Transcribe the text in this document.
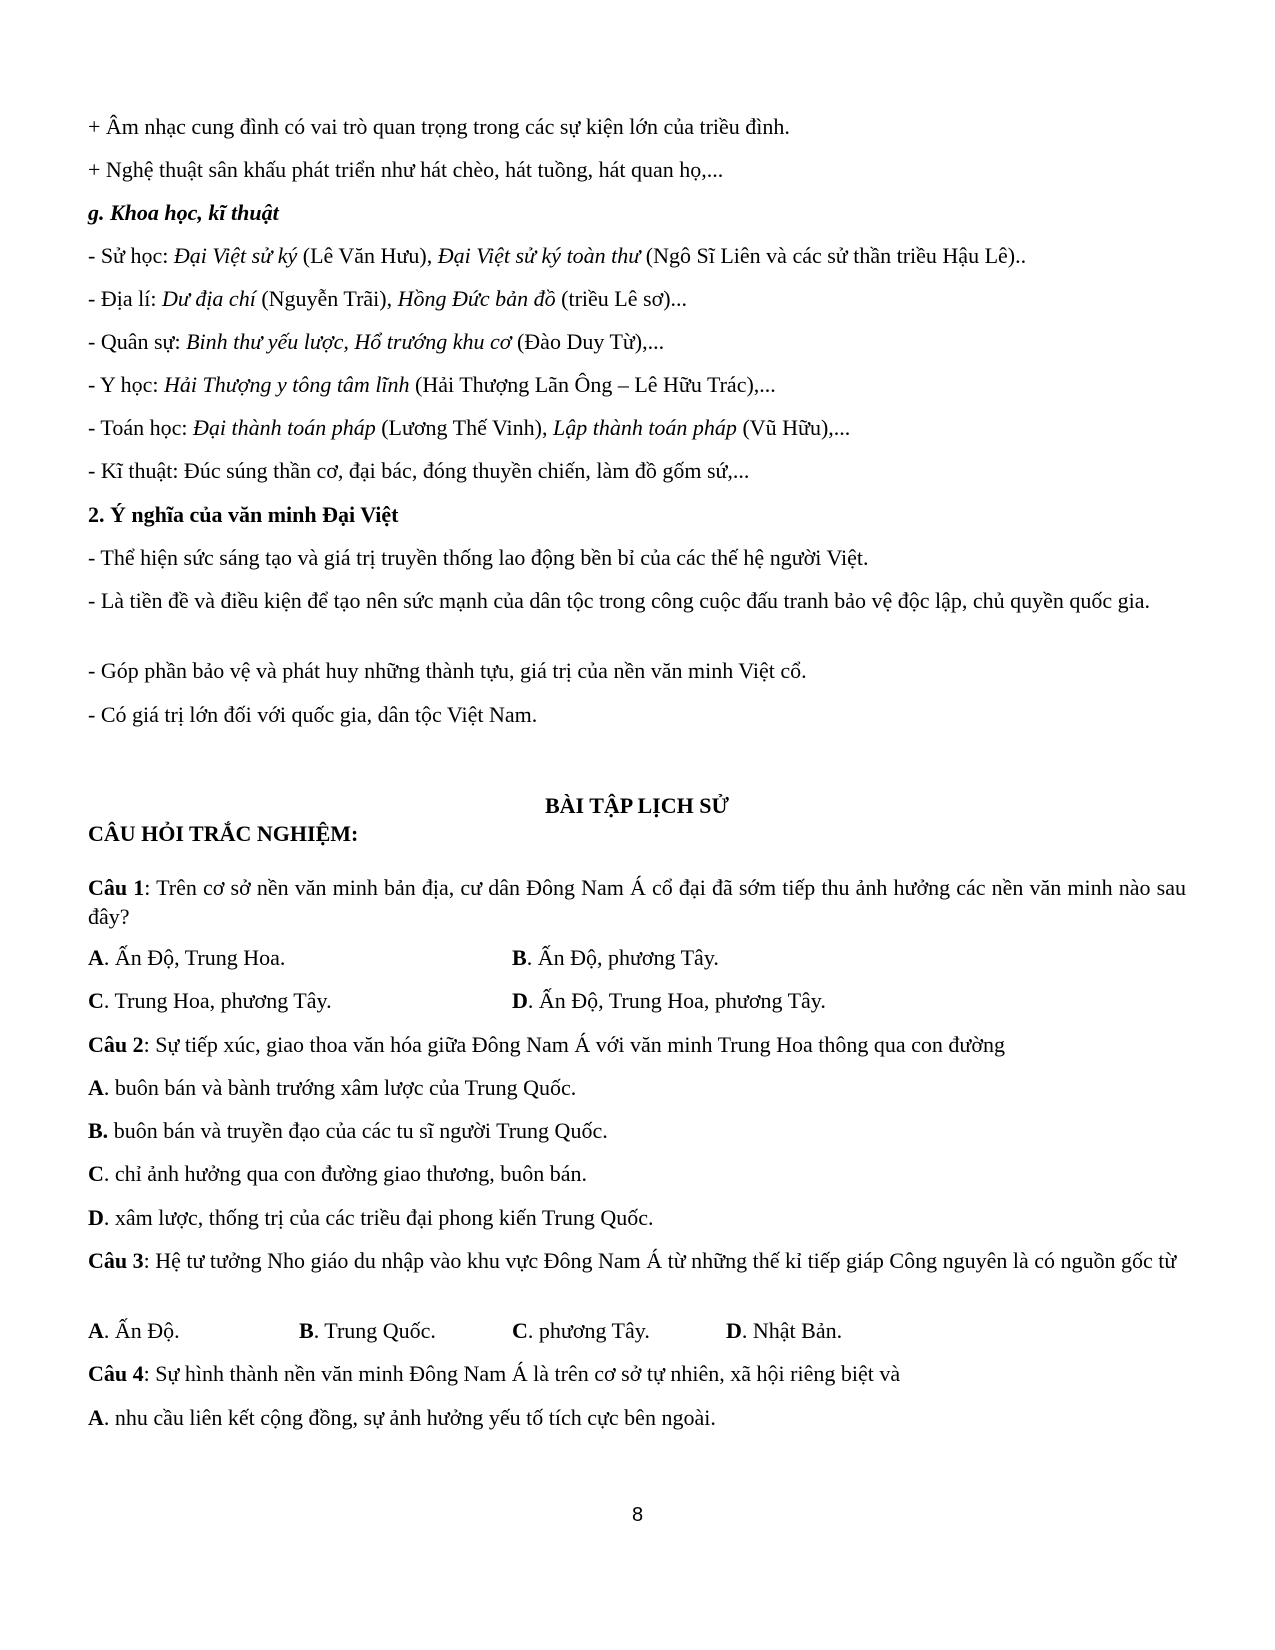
+ Âm nhạc cung đình có vai trò quan trọng trong các sự kiện lớn của triều đình.
+ Nghệ thuật sân khấu phát triển như hát chèo, hát tuồng, hát quan họ,...
g. Khoa học, kĩ thuật
- Sử học: Đại Việt sử ký (Lê Văn Hưu), Đại Việt sử ký toàn thư (Ngô Sĩ Liên và các sử thần triều Hậu Lê)..
- Địa lí: Dư địa chí (Nguyễn Trãi), Hồng Đức bản đồ (triều Lê sơ)...
- Quân sự: Binh thư yếu lược, Hổ trướng khu cơ (Đào Duy Từ),...
- Y học: Hải Thượng y tông tâm lĩnh (Hải Thượng Lãn Ông – Lê Hữu Trác),...
- Toán học: Đại thành toán pháp (Lương Thế Vinh), Lập thành toán pháp (Vũ Hữu),...
- Kĩ thuật: Đúc súng thần cơ, đại bác, đóng thuyền chiến, làm đồ gốm sứ,...
2. Ý nghĩa của văn minh Đại Việt
- Thể hiện sức sáng tạo và giá trị truyền thống lao động bền bỉ của các thế hệ người Việt.
- Là tiền đề và điều kiện để tạo nên sức mạnh của dân tộc trong công cuộc đấu tranh bảo vệ độc lập, chủ quyền quốc gia.
- Góp phần bảo vệ và phát huy những thành tựu, giá trị của nền văn minh Việt cổ.
- Có giá trị lớn đối với quốc gia, dân tộc Việt Nam.
BÀI TẬP LỊCH SỬ
CÂU HỎI TRẮC NGHIỆM:
Câu 1: Trên cơ sở nền văn minh bản địa, cư dân Đông Nam Á cổ đại đã sớm tiếp thu ảnh hưởng các nền văn minh nào sau đây?
A. Ấn Độ, Trung Hoa.	B. Ấn Độ, phương Tây.
C. Trung Hoa, phương Tây.	D. Ấn Độ, Trung Hoa, phương Tây.
Câu 2: Sự tiếp xúc, giao thoa văn hóa giữa Đông Nam Á với văn minh Trung Hoa thông qua con đường
A. buôn bán và bành trướng xâm lược của Trung Quốc.
B. buôn bán và truyền đạo của các tu sĩ người Trung Quốc.
C. chỉ ảnh hưởng qua con đường giao thương, buôn bán.
D. xâm lược, thống trị của các triều đại phong kiến Trung Quốc.
Câu 3: Hệ tư tưởng Nho giáo du nhập vào khu vực Đông Nam Á từ những thế kỉ tiếp giáp Công nguyên là có nguồn gốc từ
A. Ấn Độ.	B. Trung Quốc.	C. phương Tây.	D. Nhật Bản.
Câu 4: Sự hình thành nền văn minh Đông Nam Á là trên cơ sở tự nhiên, xã hội riêng biệt và
A. nhu cầu liên kết cộng đồng, sự ảnh hưởng yếu tố tích cực bên ngoài.
8
